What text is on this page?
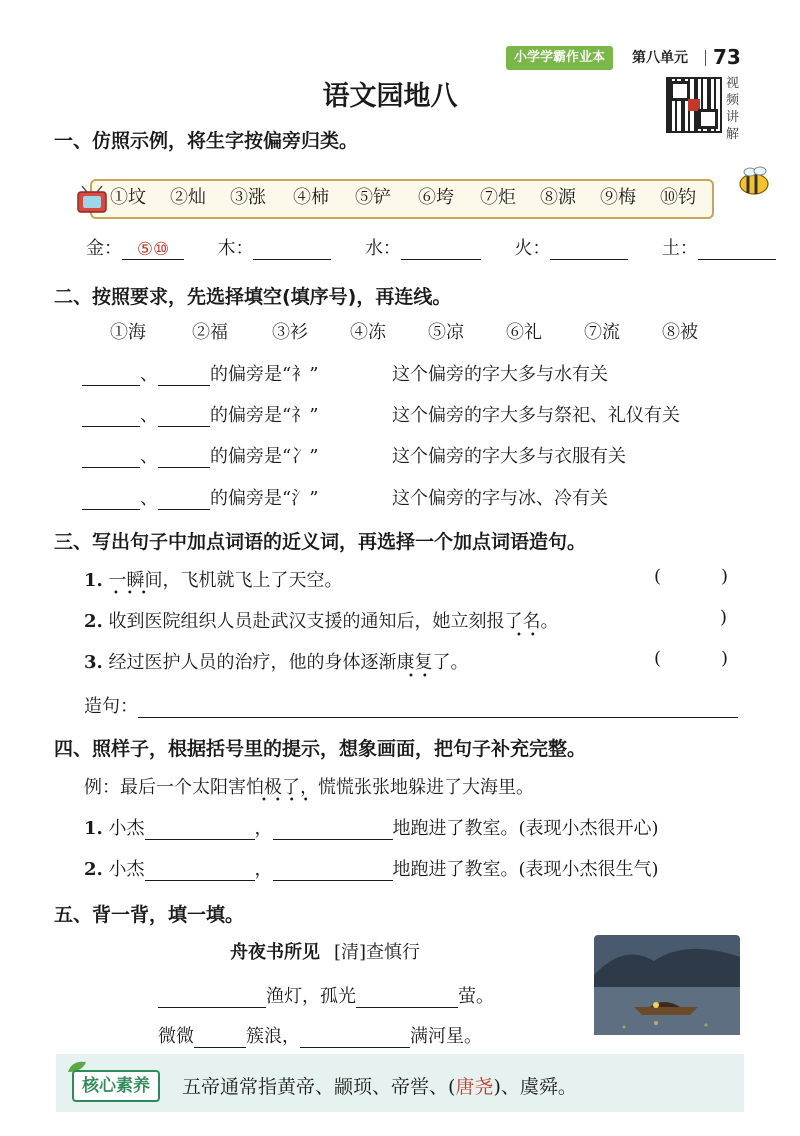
小学学霸作业本	第八单元 73
语文园地八	视频讲解
一、仿照示例，将生字按偏旁归类。
①坟 ②灿 ③涨 ④柿 ⑤铲 ⑥垮 ⑦炬 ⑧源 ⑨梅 ⑩钧
金： ⑤⑩	木：	水：	火：	土：
二、按照要求，先选择填空(填序号)，再连线。
①海	②福 ③衫 ④冻 ⑤凉 ⑥礼 ⑦流 ⑧被
、	的偏旁是“衤”	这个偏旁的字大多与水有关
、	的偏旁是“礻”	这个偏旁的字大多与祭祀、礼仪有关
、	的偏旁是“冫”	这个偏旁的字大多与衣服有关
、	的偏旁是“氵”	这个偏旁的字与冰、冷有关
三、写出句子中加点词语的近义词，再选择一个加点词语造句。
1. 一瞬间，飞机就飞上了天空。	(	)
2. 收到医院组织人员赴武汉支援的通知后，她立刻报了名。	)
3. 经过医护人员的治疗，他的身体逐渐康复了。	(	)
•••
••
••
造句：
四、照样子，根据括号里的提示，想象画面，把句子补充完整。
例：最后一个太阳害怕极了，慌慌张张地躲进了大海里。
••••
1. 小杰	，	地跑进了教室。(表现小杰很开心)
2. 小杰	，	地跑进了教室。(表现小杰很生气)
五、背一背，填一填。
舟夜书所见 [清]查慎行
渔灯，孤光	萤。
微微	簇浪，	满河星。
核心素养	五帝通常指黄帝、颛顼、帝喾、(唐尧)、虞舜。
